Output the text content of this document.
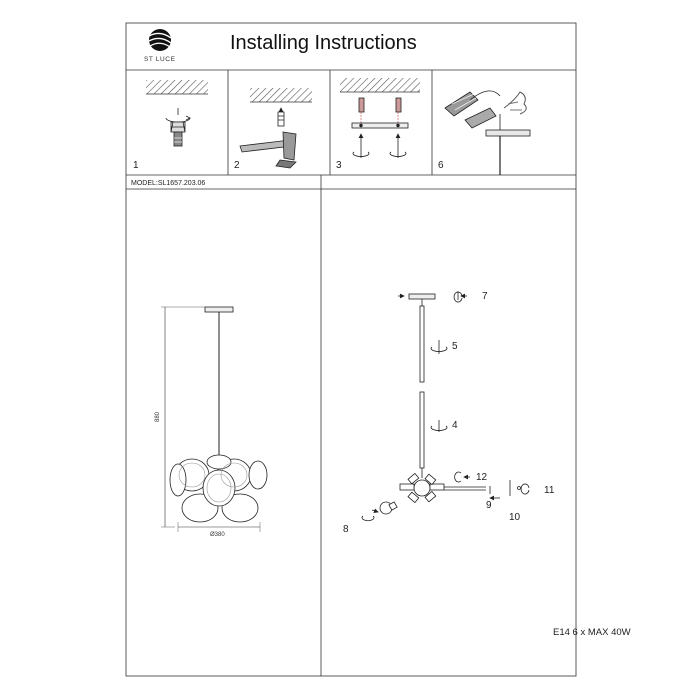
Installing Instructions
ST LUCE
1	2	3	6
MODEL:SL1657.203.06
880
Ø380
7
5
4
12
11
9
10
8
E14 6 x MAX 40W
